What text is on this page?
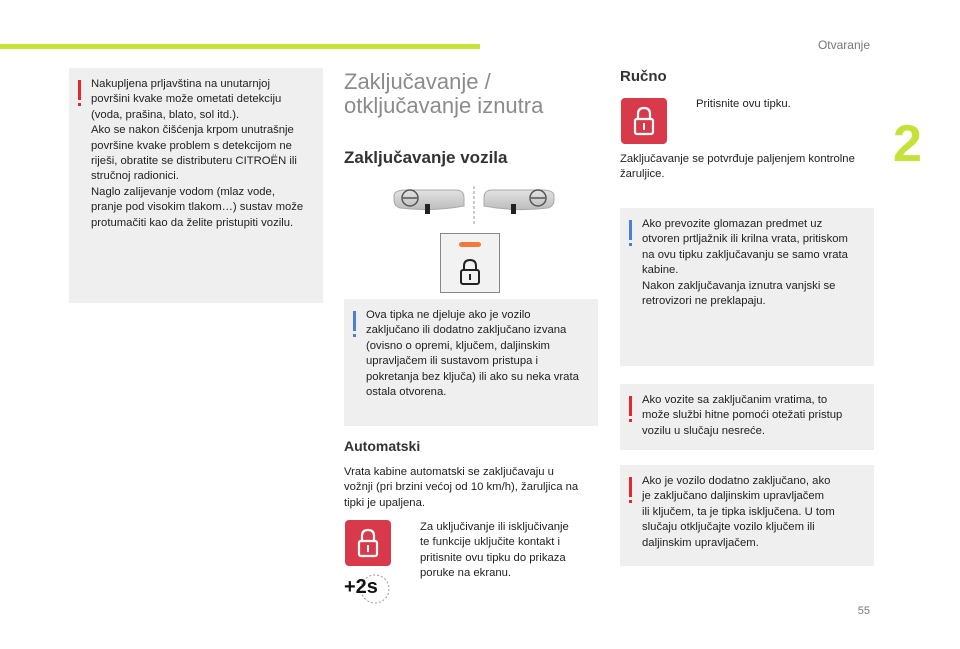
Otvaranje
2
55
Nakupljena prljavština na unutarnjoj
površini kvake može ometati detekciju
(voda, prašina, blato, sol itd.).
Ako se nakon čišćenja krpom unutrašnje
površine kvake problem s detekcijom ne
riješi, obratite se distributeru CITROËN ili
stručnoj radionici.
Naglo zalijevanje vodom (mlaz vode,
pranje pod visokim tlakom…) sustav može
protumačiti kao da želite pristupiti vozilu.
Zaključavanje /
otključavanje iznutra
Zaključavanje vozila
Ova tipka ne djeluje ako je vozilo
zaključano ili dodatno zaključano izvana
(ovisno o opremi, ključem, daljinskim
upravljačem ili sustavom pristupa i
pokretanja bez ključa) ili ako su neka vrata
ostala otvorena.
Automatski
Vrata kabine automatski se zaključavaju u
vožnji (pri brzini većoj od 10 km/h), žaruljica na
tipki je upaljena.
+2s

Za uključivanje ili isključivanje
te funkcije uključite kontakt i
pritisnite ovu tipku do prikaza
poruke na ekranu.

Ručno

Pritisnite ovu tipku.

Zaključavanje se potvrđuje paljenjem kontrolne
žaruljice.
Ako prevozite glomazan predmet uz
otvoren prtljažnik ili krilna vrata, pritiskom
na ovu tipku zaključavanju se samo vrata
kabine.
Nakon zaključavanja iznutra vanjski se
retrovizori ne preklapaju.
Ako vozite sa zaključanim vratima, to
može službi hitne pomoći otežati pristup
vozilu u slučaju nesreće.
Ako je vozilo dodatno zaključano, ako
je zaključano daljinskim upravljačem
ili ključem, ta je tipka isključena. U tom
slučaju otključajte vozilo ključem ili
daljinskim upravljačem.
